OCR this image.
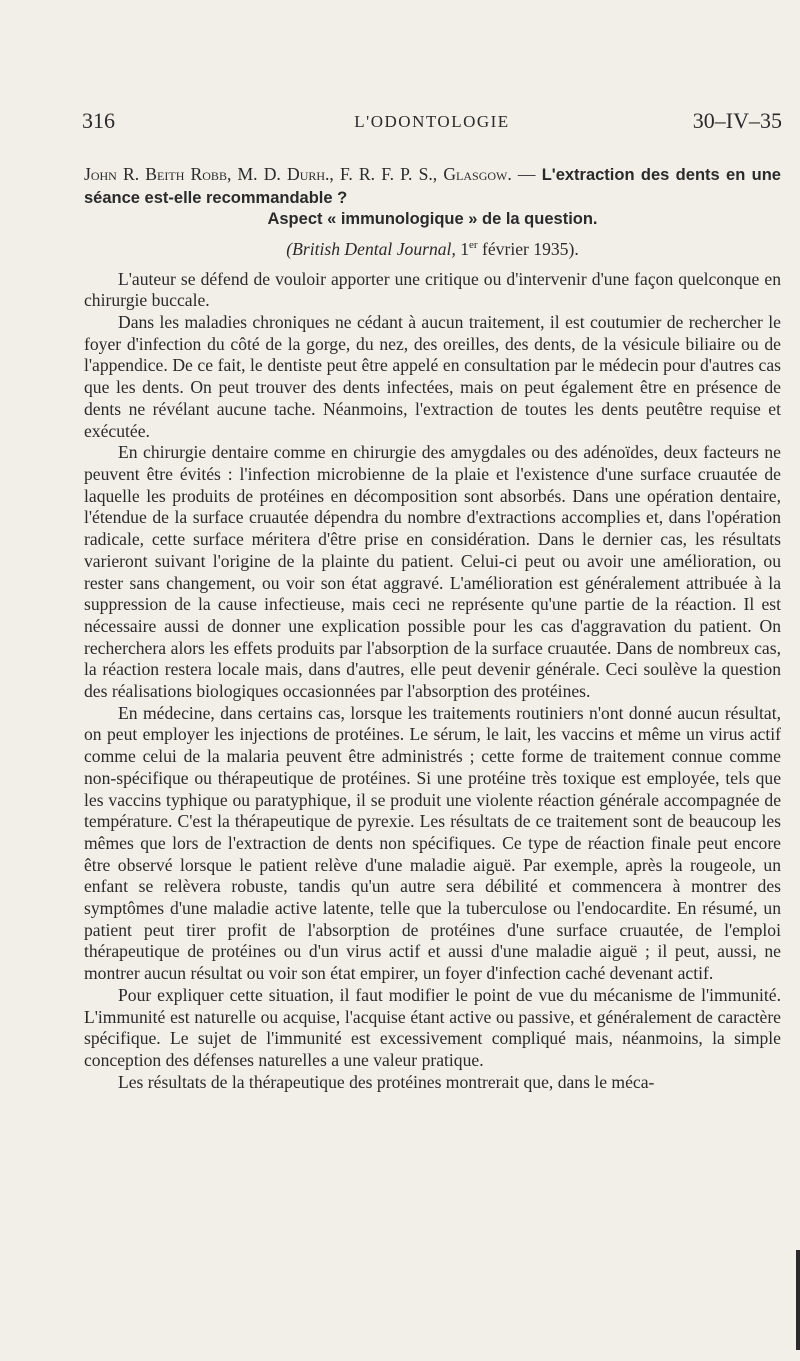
316	L'ODONTOLOGIE	30–IV–35

John R. Beith Robb, M. D. Durh., F. R. F. P. S., Glasgow. — L'extraction des dents en une séance est-elle recommandable ?
Aspect « immunologique » de la question.

(British Dental Journal, 1er février 1935).

L'auteur se défend de vouloir apporter une critique ou d'intervenir d'une façon quelconque en chirurgie buccale.

Dans les maladies chroniques ne cédant à aucun traitement, il est coutumier de rechercher le foyer d'infection du côté de la gorge, du nez, des oreilles, des dents, de la vésicule biliaire ou de l'appendice. De ce fait, le dentiste peut être appelé en consultation par le médecin pour d'autres cas que les dents. On peut trouver des dents infectées, mais on peut également être en présence de dents ne révélant aucune tache. Néanmoins, l'extraction de toutes les dents peutêtre requise et exécutée.

En chirurgie dentaire comme en chirurgie des amygdales ou des adénoïdes, deux facteurs ne peuvent être évités : l'infection microbienne de la plaie et l'existence d'une surface cruautée de laquelle les produits de protéines en décomposition sont absorbés. Dans une opération dentaire, l'étendue de la surface cruautée dépendra du nombre d'extractions accomplies et, dans l'opération radicale, cette surface méritera d'être prise en considération. Dans le dernier cas, les résultats varieront suivant l'origine de la plainte du patient. Celui-ci peut ou avoir une amélioration, ou rester sans changement, ou voir son état aggravé. L'amélioration est généralement attribuée à la suppression de la cause infectieuse, mais ceci ne représente qu'une partie de la réaction. Il est nécessaire aussi de donner une explication possible pour les cas d'aggravation du patient. On recherchera alors les effets produits par l'absorption de la surface cruautée. Dans de nombreux cas, la réaction restera locale mais, dans d'autres, elle peut devenir générale. Ceci soulève la question des réalisations biologiques occasionnées par l'absorption des protéines.

En médecine, dans certains cas, lorsque les traitements routiniers n'ont donné aucun résultat, on peut employer les injections de protéines. Le sérum, le lait, les vaccins et même un virus actif comme celui de la malaria peuvent être administrés ; cette forme de traitement connue comme non-spécifique ou thérapeutique de protéines. Si une protéine très toxique est employée, tels que les vaccins typhique ou paratyphique, il se produit une violente réaction générale accompagnée de température. C'est la thérapeutique de pyrexie. Les résultats de ce traitement sont de beaucoup les mêmes que lors de l'extraction de dents non spécifiques. Ce type de réaction finale peut encore être observé lorsque le patient relève d'une maladie aiguë. Par exemple, après la rougeole, un enfant se relèvera robuste, tandis qu'un autre sera débilité et commencera à montrer des symptômes d'une maladie active latente, telle que la tuberculose ou l'endocardite. En résumé, un patient peut tirer profit de l'absorption de protéines d'une surface cruautée, de l'emploi thérapeutique de protéines ou d'un virus actif et aussi d'une maladie aiguë ; il peut, aussi, ne montrer aucun résultat ou voir son état empirer, un foyer d'infection caché devenant actif.

Pour expliquer cette situation, il faut modifier le point de vue du mécanisme de l'immunité. L'immunité est naturelle ou acquise, l'acquise étant active ou passive, et généralement de caractère spécifique. Le sujet de l'immunité est excessivement compliqué mais, néanmoins, la simple conception des défenses naturelles a une valeur pratique.

Les résultats de la thérapeutique des protéines montrerait que, dans le méca-
